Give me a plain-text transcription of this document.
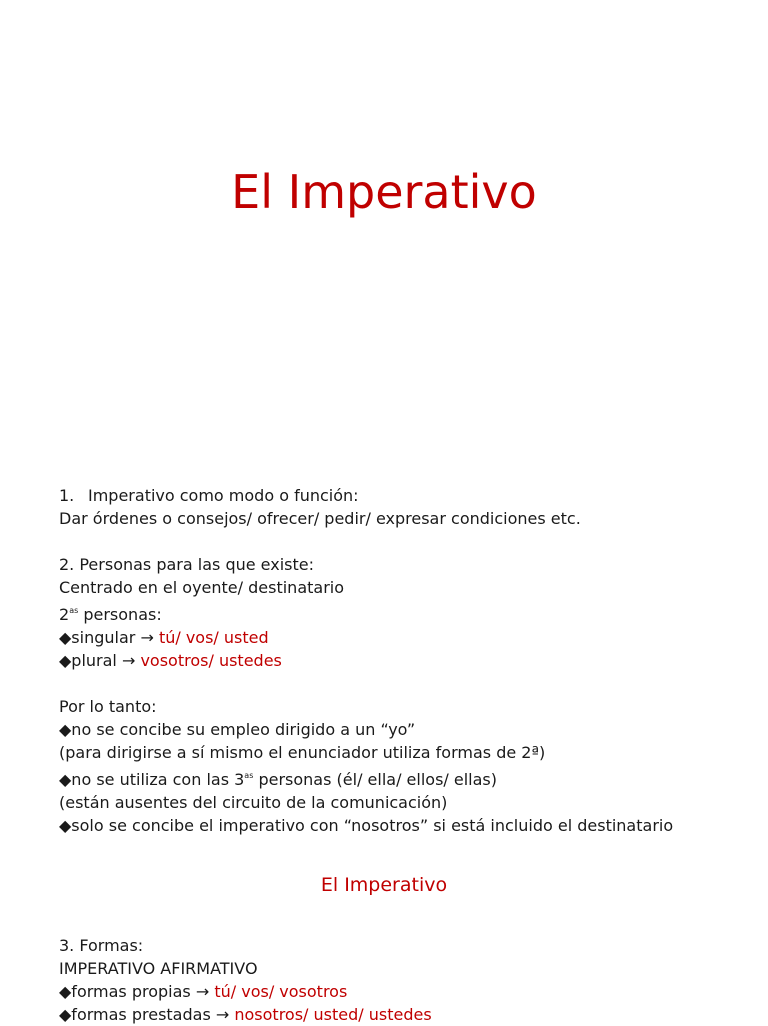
El Imperativo
1. Imperativo como modo o función:
Dar órdenes o consejos/ ofrecer/ pedir/ expresar condiciones etc.
2. Personas para las que existe:
Centrado en el oyente/ destinatario
$2^{as}$ personas:
◆singular → tú/ vos/ usted
◆plural → vosotros/ ustedes
Por lo tanto:
◆no se concibe su empleo dirigido a un “yo”
(para dirigirse a sí mismo el enunciador utiliza formas de 2ª)
◆no se utiliza con las $3^{as}$ personas (él/ ella/ ellos/ ellas)
(están ausentes del circuito de la comunicación)
◆solo se concibe el imperativo con “nosotros” si está incluido el destinatario
El Imperativo
3. Formas:
IMPERATIVO AFIRMATIVO
◆formas propias → tú/ vos/ vosotros
◆formas prestadas → nosotros/ usted/ ustedes
